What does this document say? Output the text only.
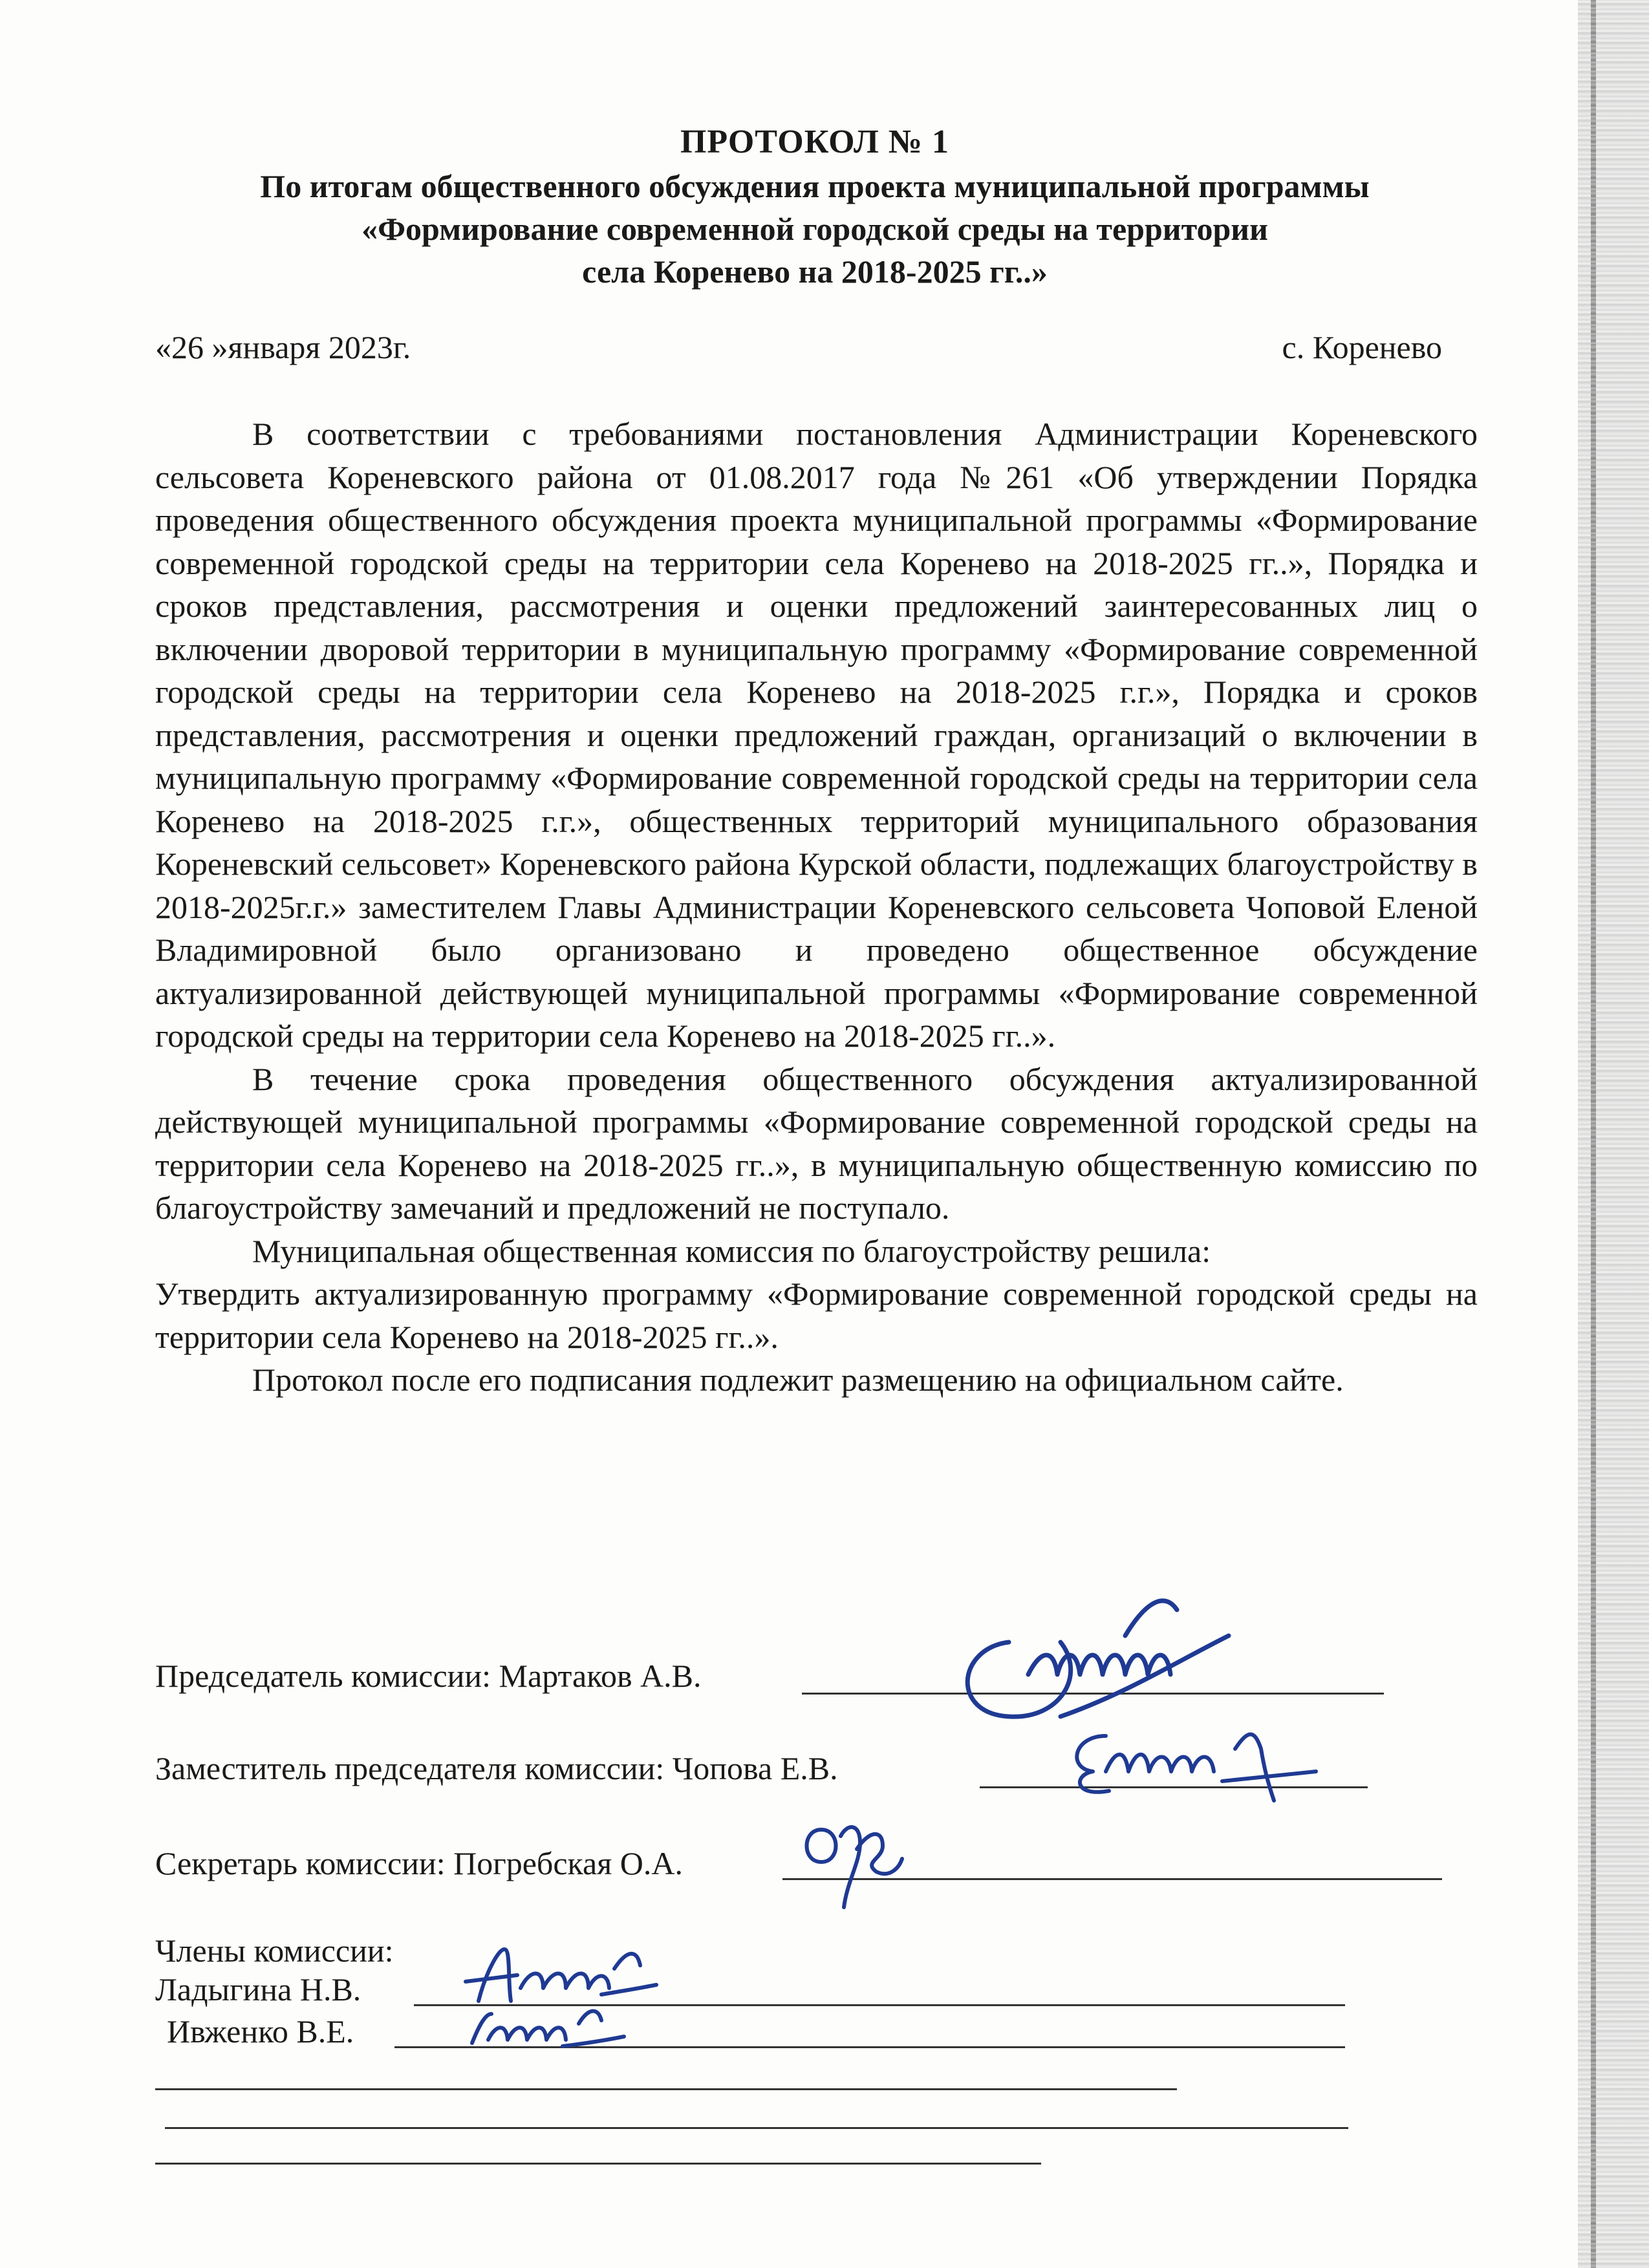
ПРОТОКОЛ № 1
По итогам общественного обсуждения проекта муниципальной программы
«Формирование современной городской среды на территории
села Коренево на 2018-2025 гг..»
«26 »января 2023г.	с. Коренево

В соответствии с требованиями постановления Администрации Кореневского сельсовета Кореневского района от 01.08.2017 года №261 «Об утверждении Порядка проведения общественного обсуждения проекта муниципальной программы «Формирование современной городской среды на территории села Коренево на 2018-2025 гг..», Порядка и сроков представления, рассмотрения и оценки предложений заинтересованных лиц о включении дворовой территории в муниципальную программу «Формирование современной городской среды на территории села Коренево на 2018-2025 г.г.», Порядка и сроков представления, рассмотрения и оценки предложений граждан, организаций о включении в муниципальную программу «Формирование современной городской среды на территории села Коренево на 2018-2025 г.г.», общественных территорий муниципального образования Кореневский сельсовет» Кореневского района Курской области, подлежащих благоустройству в 2018-2025г.г.» заместителем Главы Администрации Кореневского сельсовета Чоповой Еленой Владимировной было организовано и проведено общественное обсуждение актуализированной действующей муниципальной программы «Формирование современной городской среды на территории села Коренево на 2018-2025 гг..».

В течение срока проведения общественного обсуждения актуализированной действующей муниципальной программы «Формирование современной городской среды на территории села Коренево на 2018-2025 гг..», в муниципальную общественную комиссию по благоустройству замечаний и предложений не поступало.

Муниципальная общественная комиссия по благоустройству решила:

Утвердить актуализированную программу «Формирование современной городской среды на территории села Коренево на 2018-2025 гг..».

Протокол после его подписания подлежит размещению на официальном сайте.

Председатель комиссии: Мартаков А.В.
Заместитель председателя комиссии: Чопова Е.В.
Секретарь комиссии: Погребская О.А.
Члены комиссии:
Ладыгина Н.В.
Ивженко В.Е.
